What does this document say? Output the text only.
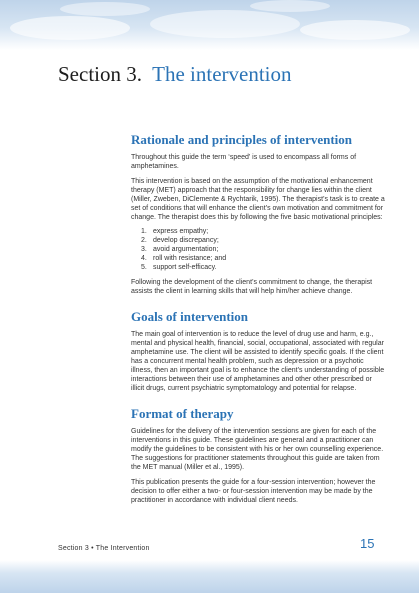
Section 3. The intervention
Rationale and principles of intervention

Throughout this guide the term ‘speed’ is used to encompass all forms of amphetamines.

This intervention is based on the assumption of the motivational enhancement therapy (MET) approach that the responsibility for change lies within the client (Miller, Zweben, DiClemente & Rychtarik, 1995). The therapist’s task is to create a set of conditions that will enhance the client’s own motivation and commitment for change. The therapist does this by following the five basic motivational principles:

1. express empathy;
2. develop discrepancy;
3. avoid argumentation;
4. roll with resistance; and
5. support self-efficacy.

Following the development of the client’s commitment to change, the therapist assists the client in learning skills that will help him/her achieve change.

Goals of intervention

The main goal of intervention is to reduce the level of drug use and harm, e.g., mental and physical health, financial, social, occupational, associated with regular amphetamine use. The client will be assisted to identify specific goals. If the client has a concurrent mental health problem, such as depression or a psychotic illness, then an important goal is to enhance the client’s understanding of possible interactions between their use of amphetamines and other other prescribed or illicit drugs, current psychiatric symptomatology and potential for relapse.

Format of therapy

Guidelines for the delivery of the intervention sessions are given for each of the interventions in this guide. These guidelines are general and a practitioner can modify the guidelines to be consistent with his or her own counselling experience. The suggestions for practitioner statements throughout this guide are taken from the MET manual (Miller et al., 1995).

This publication presents the guide for a four-session intervention; however the decision to offer either a two- or four-session intervention may be made by the practitioner in accordance with individual client needs.

Section 3 • The Intervention	15
